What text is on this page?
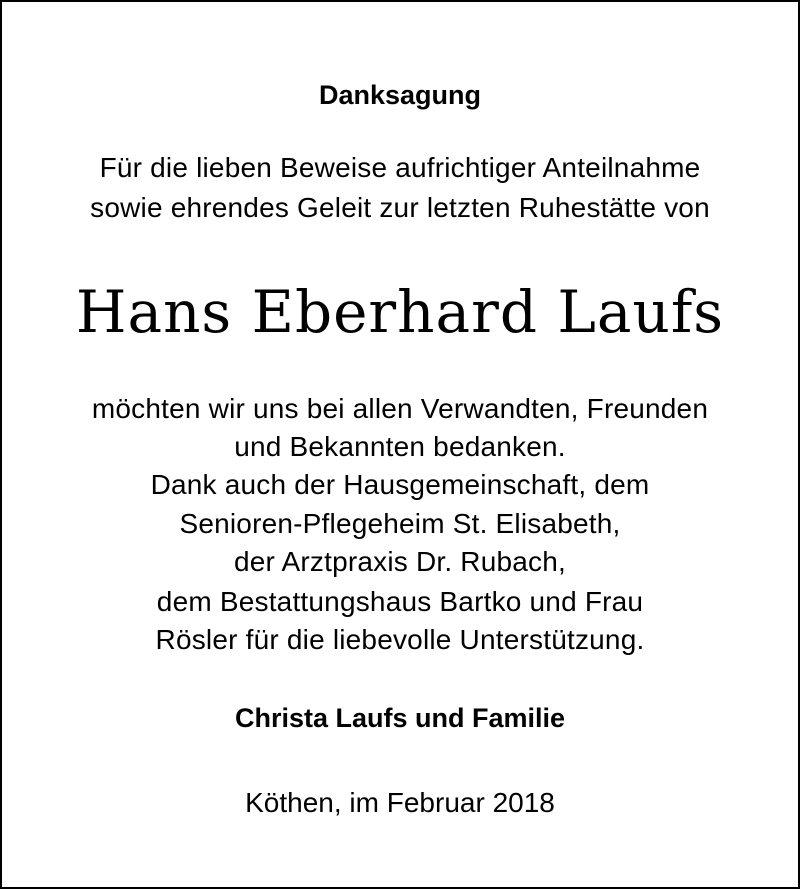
Danksagung
Für die lieben Beweise aufrichtiger Anteilnahme
sowie ehrendes Geleit zur letzten Ruhestätte von
Hans Eberhard Laufs
möchten wir uns bei allen Verwandten, Freunden
und Bekannten bedanken.
Dank auch der Hausgemeinschaft, dem
Senioren-Pflegeheim St. Elisabeth,
der Arztpraxis Dr. Rubach,
dem Bestattungshaus Bartko und Frau
Rösler für die liebevolle Unterstützung.
Christa Laufs und Familie
Köthen, im Februar 2018
